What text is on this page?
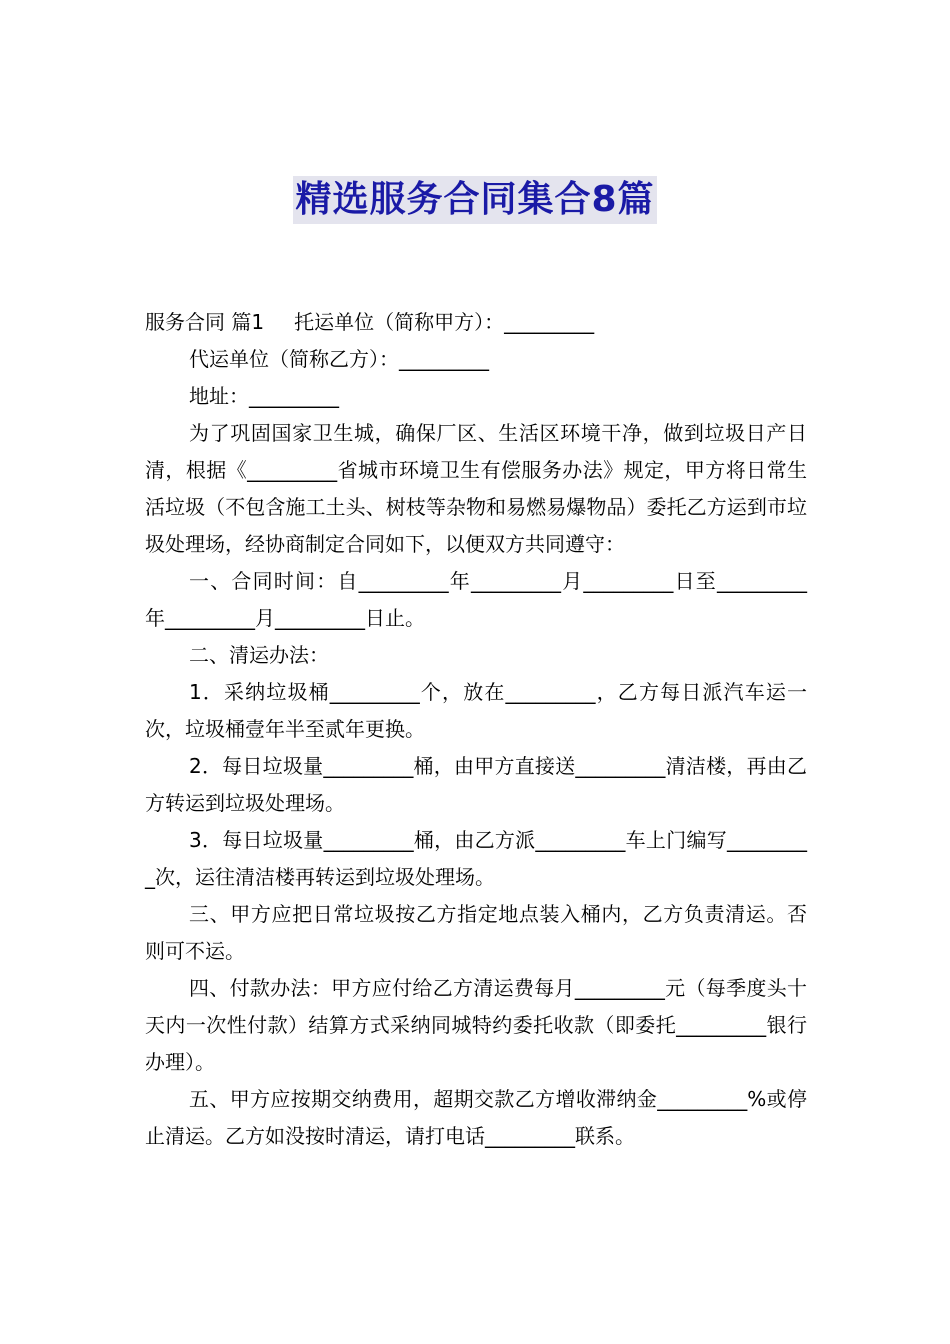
精选服务合同集合8篇

服务合同 篇1 托运单位（简称甲方）：_________

代运单位（简称乙方）：_________

地址：_________

为了巩固国家卫生城，确保厂区、生活区环境干净，做到垃圾日产日清，根据《_________省城市环境卫生有偿服务办法》规定，甲方将日常生活垃圾（不包含施工土头、树枝等杂物和易燃易爆物品）委托乙方运到市垃圾处理场，经协商制定合同如下，以便双方共同遵守：

一、合同时间：自_________年_________月_________日至_________年_________月_________日止。

二、清运办法：

1．采纳垃圾桶_________个，放在_________，乙方每日派汽车运一次，垃圾桶壹年半至贰年更换。

2．每日垃圾量_________桶，由甲方直接送_________清洁楼，再由乙方转运到垃圾处理场。

3．每日垃圾量_________桶，由乙方派_________车上门编写_________次，运往清洁楼再转运到垃圾处理场。

三、甲方应把日常垃圾按乙方指定地点装入桶内，乙方负责清运。否则可不运。

四、付款办法：甲方应付给乙方清运费每月_________元（每季度头十天内一次性付款）结算方式采纳同城特约委托收款（即委托_________银行办理）。

五、甲方应按期交纳费用，超期交款乙方增收滞纳金_________%或停止清运。乙方如没按时清运，请打电话_________联系。
